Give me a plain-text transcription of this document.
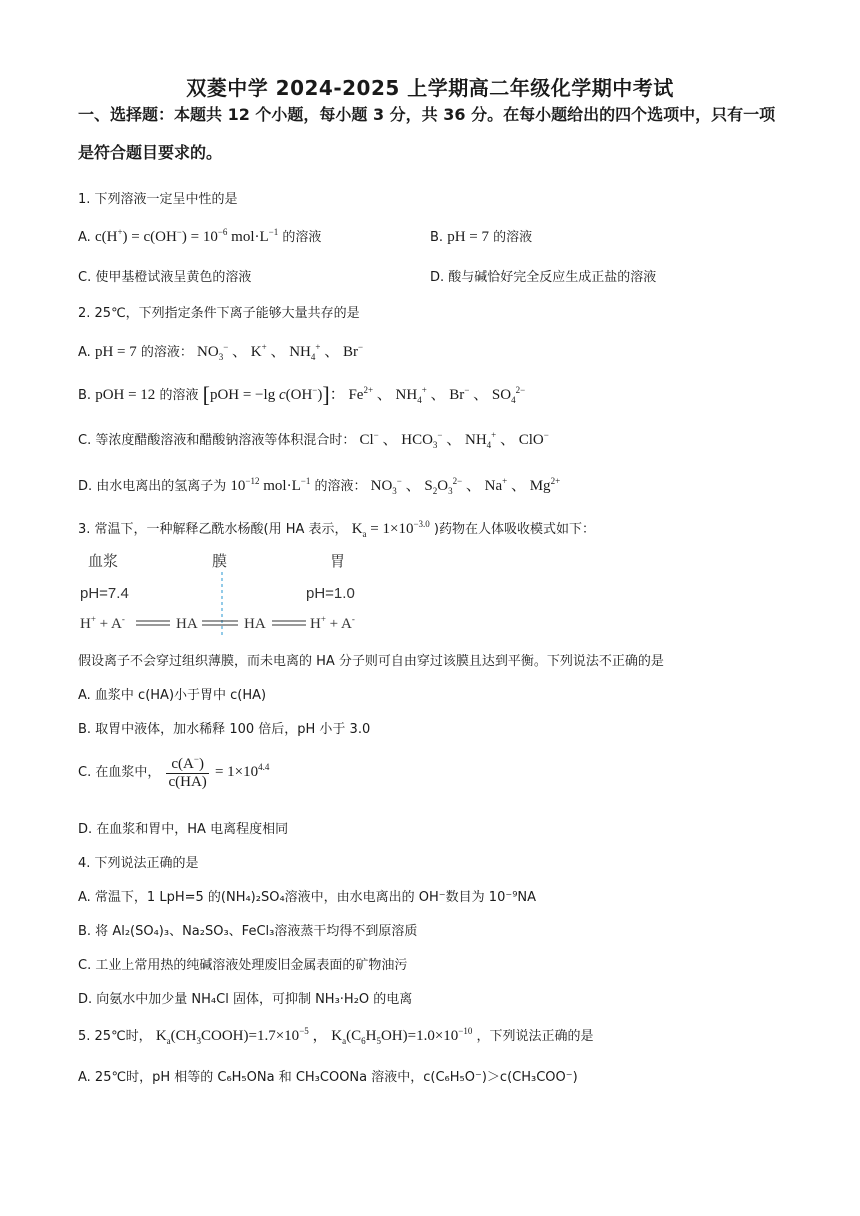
双菱中学 2024-2025 上学期高二年级化学期中考试
一、选择题：本题共 12 个小题，每小题 3 分，共 36 分。在每小题给出的四个选项中，只有一项是符合题目要求的。
1. 下列溶液一定呈中性的是
A. $c(H^+) = c(OH^-) = 10^{-6}$ $mol\cdot L^{-1}$ 的溶液	B. pH = 7 的溶液
C. 使甲基橙试液呈黄色的溶液	D. 酸与碱恰好完全反应生成正盐的溶液
2. 25℃，下列指定条件下离子能够大量共存的是
A. pH = 7 的溶液： $NO_3^-$ 、 K+ 、 $NH_4^+$ 、 Br−
B. pOH = 12 的溶液 [pOH = −lg c(OH−)]： $Fe^{2+}$ 、 $NH_4^+$ 、 Br− 、 $SO_4^{2-}$
C. 等浓度醋酸溶液和醋酸钠溶液等体积混合时： Cl− 、 $HCO_3^-$ 、 $NH_4^+$ 、 ClO−
D. 由水电离出的氢离子为 $10^{-12}$ $mol\cdot L^{-1}$ 的溶液： $NO_3^-$ 、 $S_2O_3^{2-}$ 、 Na+ 、 $Mg^{2+}$
3. 常温下，一种解释乙酰水杨酸(用 HA 表示， $K_a = 1\times 10^{-3.0}$ )药物在人体吸收模式如下：
血浆	膜	胃
pH=7.4	pH=1.0
H+ + A-	HA	HA	H+ + A-
假设离子不会穿过组织薄膜，而未电离的 HA 分子则可自由穿过该膜且达到平衡。下列说法不正确的是
A. 血浆中 c(HA)小于胃中 c(HA)
B. 取胃中液体，加水稀释 100 倍后，pH 小于 3.0
C. 在血浆中， $\frac{c(A^-)}{c(HA)} = 1\times 10^{4.4}$
D. 在血浆和胃中，HA 电离程度相同
4. 下列说法正确的是
A. 常温下，1 LpH=5 的(NH₄)₂SO₄溶液中，由水电离出的 OH⁻数目为 10⁻⁹NA
B. 将 Al₂(SO₄)₃、Na₂SO₃、FeCl₃溶液蒸干均得不到原溶质
C. 工业上常用热的纯碱溶液处理废旧金属表面的矿物油污
D. 向氨水中加少量 NH₄Cl 固体，可抑制 NH₃·H₂O 的电离
5. 25℃时， $K_a(CH_3COOH)=1.7\times 10^{-5}$ ， $K_a(C_6H_5OH)=1.0\times 10^{-10}$ ，下列说法正确的是
A. 25℃时，pH 相等的 C₆H₅ONa 和 CH₃COONa 溶液中，c(C₆H₅O⁻)＞c(CH₃COO⁻)
